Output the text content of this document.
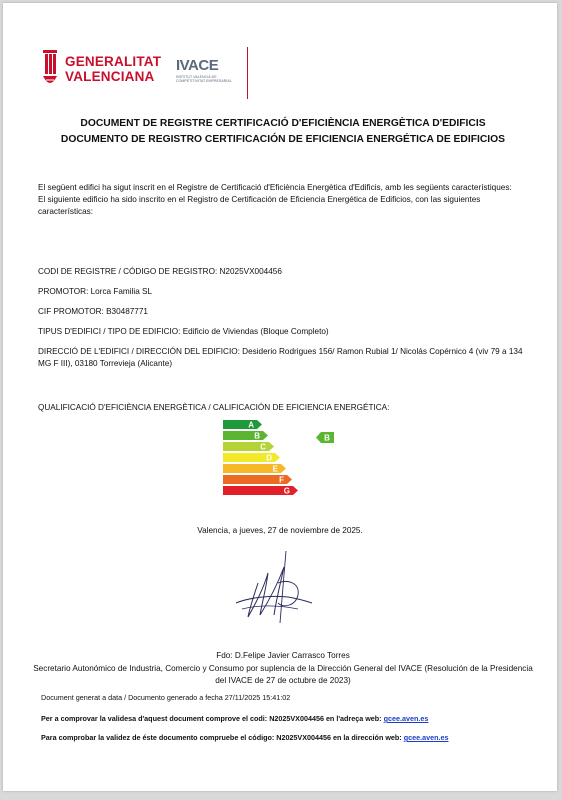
GENERALITAT
VALENCIANA
IVACE
INSTITUT VALENCIÀ DE
COMPETITIVITAT EMPRESARIAL
DOCUMENT DE REGISTRE CERTIFICACIÓ D'EFICIÈNCIA ENERGÈTICA D'EDIFICIS
DOCUMENTO DE REGISTRO CERTIFICACIÓN DE EFICIENCIA ENERGÉTICA DE EDIFICIOS
El següent edifici ha sigut inscrit en el Registre de Certificació d'Eficiència Energètica d'Edificis, amb les següents característiques:
El siguiente edificio ha sido inscrito en el Registro de Certificación de Eficiencia Energética de Edificios, con las siguientes características:
CODI DE REGISTRE / CÓDIGO DE REGISTRO: N2025VX004456
PROMOTOR: Lorca Familia SL
CIF PROMOTOR: B30487771
TIPUS D'EDIFICI / TIPO DE EDIFICIO: Edificio de Viviendas (Bloque Completo)
DIRECCIÓ DE L'EDIFICI / DIRECCIÓN DEL EDIFICIO: Desiderio Rodrigues 156/ Ramon Rubial 1/ Nicolás Copérnico 4 (viv 79 a 134 MG F III), 03180 Torrevieja (Alicante)
QUALIFICACIÓ D'EFICIÈNCIA ENERGÈTICA / CALIFICACIÓN DE EFICIENCIA ENERGÉTICA:
A
B
C
D
E
F
G
B
Valencia, a jueves, 27 de noviembre de 2025.
Fdo: D.Felipe Javier Carrasco Torres
Secretario Autonómico de Industria, Comercio y Consumo por suplencia de la Dirección General del IVACE (Resolución de la Presidencia del IVACE de 27 de octubre de 2023)
Document generat a data / Documento generado a fecha 27/11/2025 15:41:02
Per a comprovar la validesa d'aquest document comprove el codi: N2025VX004456 en l'adreça web: gcee.aven.es
Para comprobar la validez de éste documento compruebe el código: N2025VX004456 en la dirección web: gcee.aven.es
